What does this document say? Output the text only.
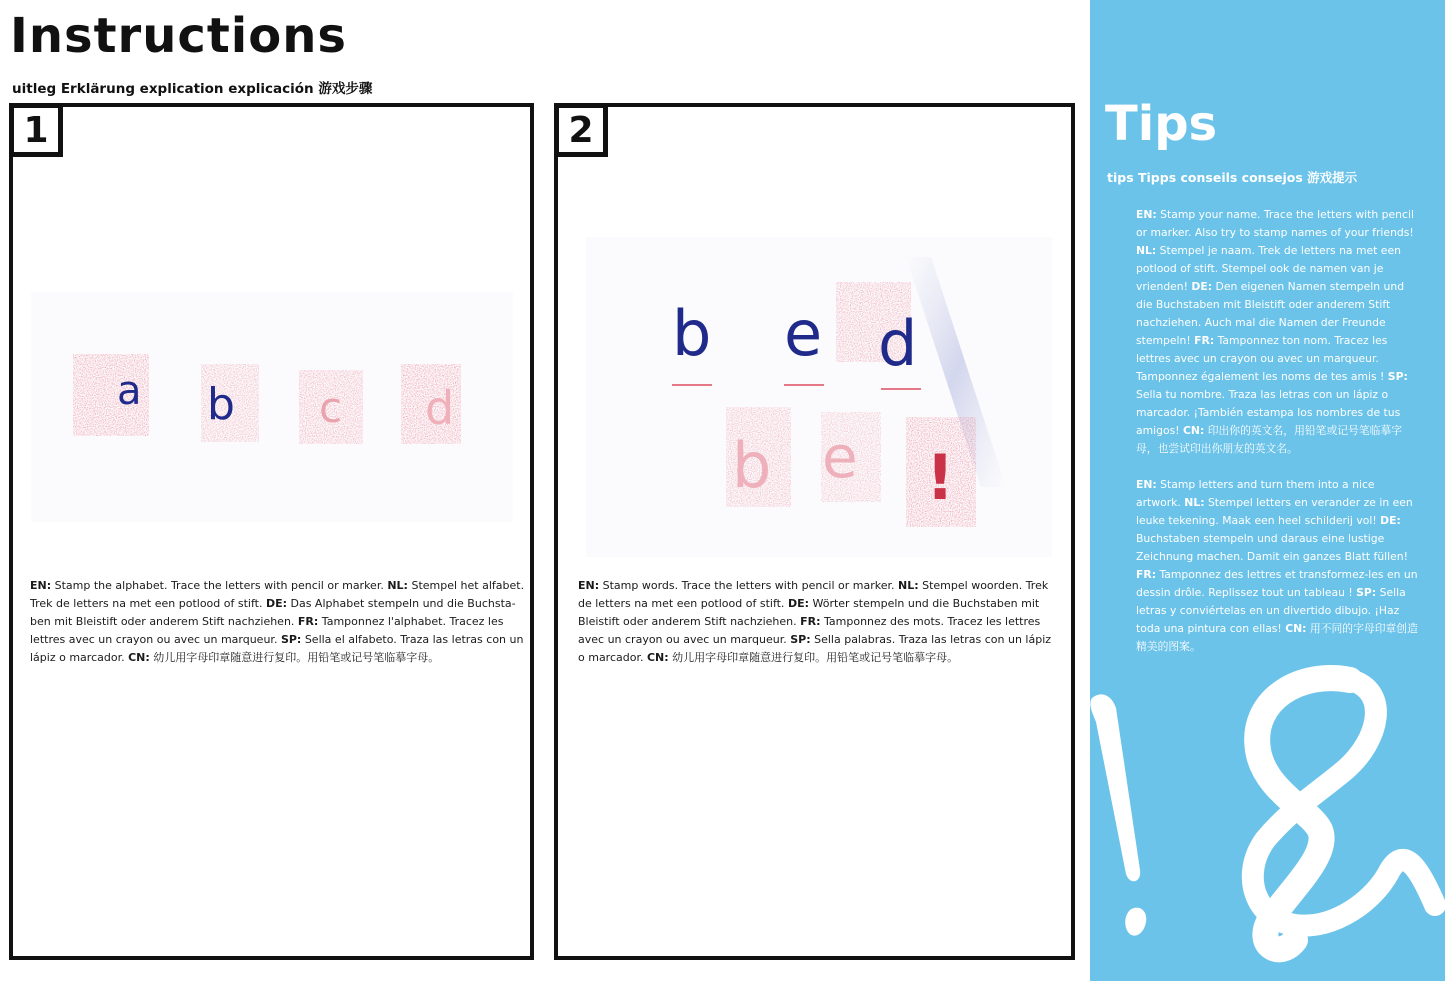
Instructions

uitleg Erklärung explication explicación 游戏步骤

1
a b c d
EN: Stamp the alphabet. Trace the letters with pencil or marker. NL: Stempel het alfabet. Trek de letters na met een potlood of stift. DE: Das Alphabet stempeln und die Buchsta-ben mit Bleistift oder anderem Stift nachziehen. FR: Tamponnez l'alphabet. Tracez les lettres avec un crayon ou avec un marqueur. SP: Sella el alfabeto. Traza las letras con un lápiz o marcador. CN: 幼儿用字母印章随意进行复印。用铅笔或记号笔临摹字母。
2
b e d
b e !
EN: Stamp words. Trace the letters with pencil or marker. NL: Stempel woorden. Trek de letters na met een potlood of stift. DE: Wörter stempeln und die Buchstaben mit Bleistift oder anderem Stift nachziehen. FR: Tamponnez des mots. Tracez les lettres avec un crayon ou avec un marqueur. SP: Sella palabras. Traza las letras con un lápiz o marcador. CN: 幼儿用字母印章随意进行复印。用铅笔或记号笔临摹字母。
Tips

tips Tipps conseils consejos 游戏提示

EN: Stamp your name. Trace the letters with pencil or marker. Also try to stamp names of your friends! NL: Stempel je naam. Trek de letters na met een potlood of stift. Stempel ook de namen van je vrienden! DE: Den eigenen Namen stempeln und die Buchstaben mit Bleistift oder anderem Stift nachziehen. Auch mal die Namen der Freunde stempeln! FR: Tamponnez ton nom. Tracez les lettres avec un crayon ou avec un marqueur. Tamponnez également les noms de tes amis ! SP: Sella tu nombre. Traza las letras con un lápiz o marcador. ¡También estampa los nombres de tus amigos! CN: 印出你的英文名，用铅笔或记号笔临摹字母，也尝试印出你朋友的英文名。
EN: Stamp letters and turn them into a nice artwork. NL: Stempel letters en verander ze in een leuke tekening. Maak een heel schilderij vol! DE: Buchstaben stempeln und daraus eine lustige Zeichnung machen. Damit ein ganzes Blatt füllen! FR: Tamponnez des lettres et transformez-les en un dessin drôle. Replissez tout un tableau ! SP: Sella letras y conviértelas en un divertido dibujo. ¡Haz toda una pintura con ellas! CN: 用不同的字母印章创造精美的图案。
